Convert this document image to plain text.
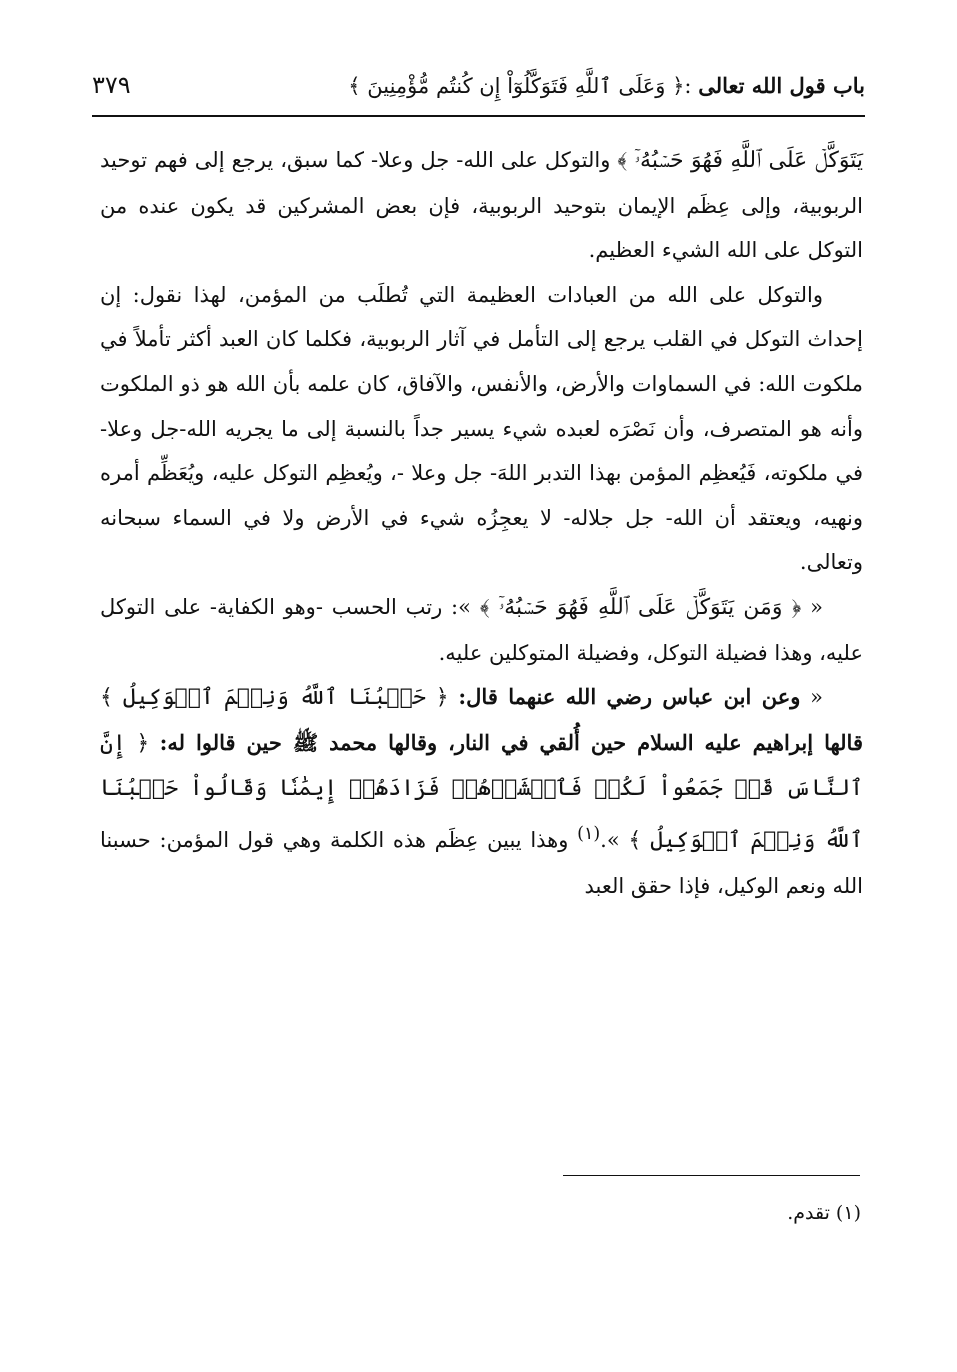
باب قول الله تعالى :﴿ وَعَلَى ٱللَّهِ فَتَوَكَّلُوٓاْ إِن كُنتُم مُّؤْمِنِينَ ﴾
٣٧٩

يَتَوَكَّلۡ عَلَى ٱللَّهِ فَهُوَ حَسۡبُهُۥٓ ﴾ والتوكل على الله- جل وعلا- كما سبق، يرجع إلى فهم توحيد الربوبية، وإلى عِظَم الإيمان بتوحيد الربوبية، فإن بعض المشركين قد يكون عنده من التوكل على الله الشيء العظيم.

والتوكل على الله من العبادات العظيمة التي تُطلَب من المؤمن، لهذا نقول: إن إحداث التوكل في القلب يرجع إلى التأمل في آثار الربوبية، فكلما كان العبد أكثر تأملاً في ملكوت الله: في السماوات والأرض، والأنفس، والآفاق، كان علمه بأن الله هو ذو الملكوت وأنه هو المتصرف، وأن نَصْرَه لعبده شيء يسير جداً بالنسبة إلى ما يجريه الله-جل وعلا- في ملكوته، فَيُعظِم المؤمن بهذا التدبر اللهَ- جل وعلا -، ويُعظِم التوكل عليه، ويُعَظِّم أمره ونهيه، ويعتقد أن الله- جل جلاله- لا يعجِزُه شيء في الأرض ولا في السماء سبحانه وتعالى.

« ﴿ وَمَن يَتَوَكَّلۡ عَلَى ٱللَّهِ فَهُوَ حَسۡبُهُۥٓ ﴾ »: رتب الحسب -وهو الكفاية- على التوكل عليه، وهذا فضيلة التوكل، وفضيلة المتوكلين عليه.

« وعن ابن عباس رضي الله عنهما قال: ﴿ حَسۡبُنَا ٱللَّهُ وَنِعۡمَ ٱلۡوَكِيلُ ﴾ قالها إبراهيم عليه السلام حين أُلقي في النار، وقالها محمد ﷺ حين قالوا له: ﴿ إِنَّ ٱلنَّاسَ قَدۡ جَمَعُواْ لَكُمۡ فَٱخۡشَوۡهُمۡ فَزَادَهُمۡ إِيمَٰنٗا وَقَالُواْ حَسۡبُنَا ٱللَّهُ وَنِعۡمَ ٱلۡوَكِيلُ ﴾ ».$^{(١)}$ وهذا يبين عِظَم هذه الكلمة وهي قول المؤمن: حسبنا الله ونعم الوكيل، فإذا حقق العبد

(١) تقدم.
